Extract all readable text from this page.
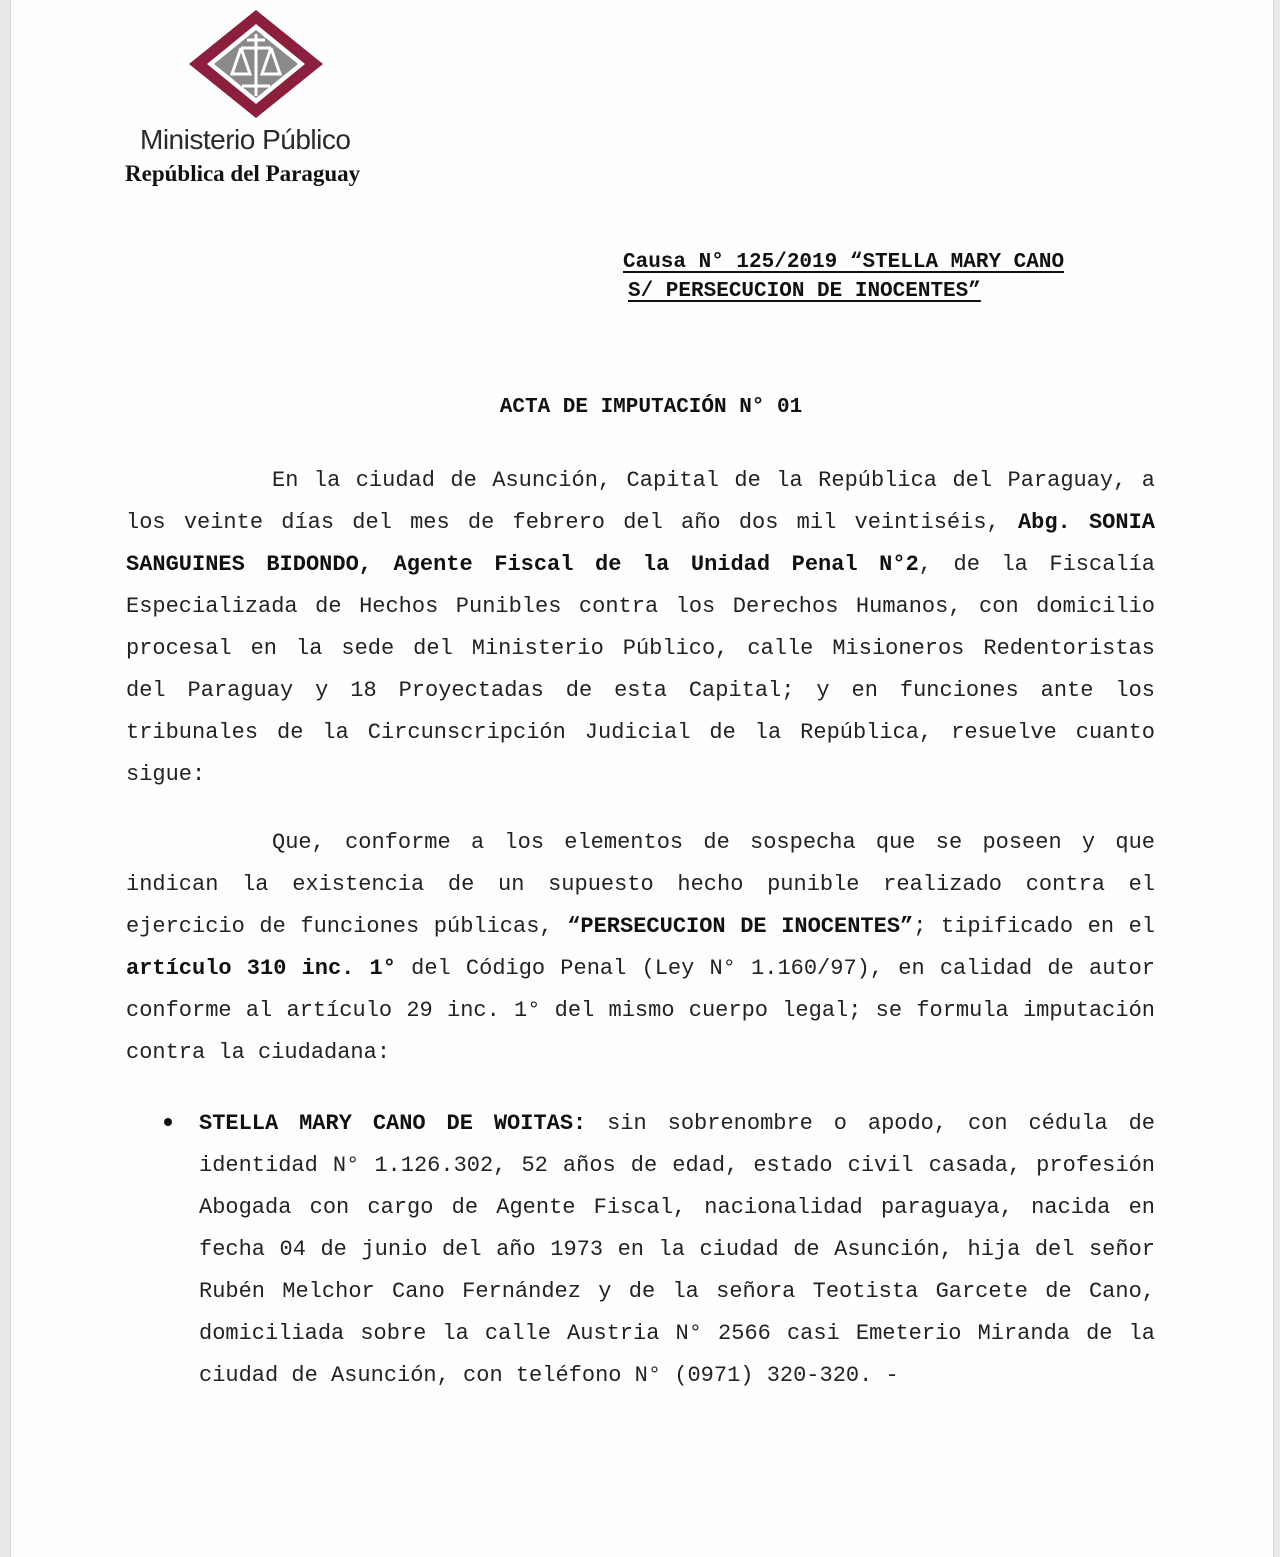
Ministerio Público
República del Paraguay
Causa N° 125/2019 “STELLA MARY CANO
S/ PERSECUCION DE INOCENTES”
ACTA DE IMPUTACIÓN N° 01
En la ciudad de Asunción, Capital de la República del Paraguay, a los veinte días del mes de febrero del año dos mil veintiséis, Abg. SONIA SANGUINES BIDONDO, Agente Fiscal de la Unidad Penal N°2, de la Fiscalía Especializada de Hechos Punibles contra los Derechos Humanos, con domicilio procesal en la sede del Ministerio Público, calle Misioneros Redentoristas del Paraguay y 18 Proyectadas de esta Capital; y en funciones ante los tribunales de la Circunscripción Judicial de la República, resuelve cuanto sigue:
Que, conforme a los elementos de sospecha que se poseen y que indican la existencia de un supuesto hecho punible realizado contra el ejercicio de funciones públicas, “PERSECUCION DE INOCENTES”; tipificado en el artículo 310 inc. 1° del Código Penal (Ley N° 1.160/97), en calidad de autor conforme al artículo 29 inc. 1° del mismo cuerpo legal; se formula imputación contra la ciudadana:
STELLA MARY CANO DE WOITAS: sin sobrenombre o apodo, con cédula de identidad N° 1.126.302, 52 años de edad, estado civil casada, profesión Abogada con cargo de Agente Fiscal, nacionalidad paraguaya, nacida en fecha 04 de junio del año 1973 en la ciudad de Asunción, hija del señor Rubén Melchor Cano Fernández y de la señora Teotista Garcete de Cano, domiciliada sobre la calle Austria N° 2566 casi Emeterio Miranda de la ciudad de Asunción, con teléfono N° (0971) 320-320. -
